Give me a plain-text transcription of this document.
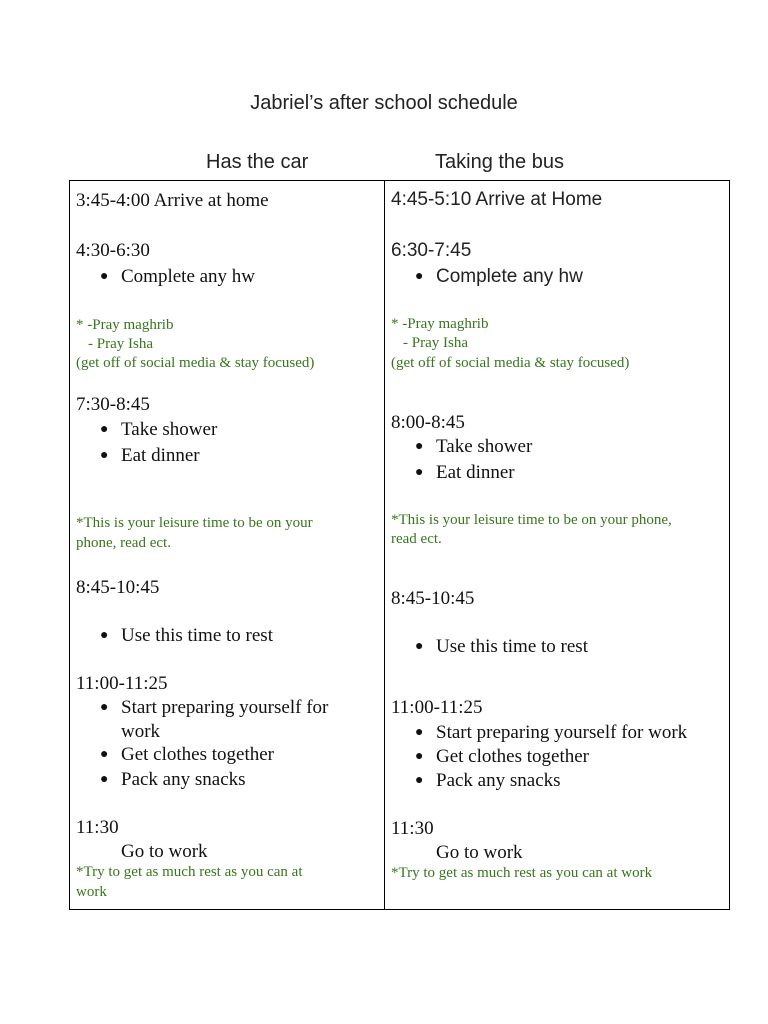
Jabriel’s after school schedule
Has the car	Taking the bus
3:45-4:00 Arrive at home
4:30-6:30
● Complete any hw
* -Pray maghrib
- Pray Isha
(get off of social media & stay focused)
7:30-8:45
● Take shower
● Eat dinner
*This is your leisure time to be on your
phone, read ect.
8:45-10:45
● Use this time to rest
11:00-11:25
● Start preparing yourself for
work
● Get clothes together
● Pack any snacks
11:30
Go to work
*Try to get as much rest as you can at
work
4:45-5:10 Arrive at Home
6:30-7:45
● Complete any hw
* -Pray maghrib
- Pray Isha
(get off of social media & stay focused)
8:00-8:45
● Take shower
● Eat dinner
*This is your leisure time to be on your phone,
read ect.
8:45-10:45
● Use this time to rest
11:00-11:25
● Start preparing yourself for work
● Get clothes together
● Pack any snacks
11:30
Go to work
*Try to get as much rest as you can at work
